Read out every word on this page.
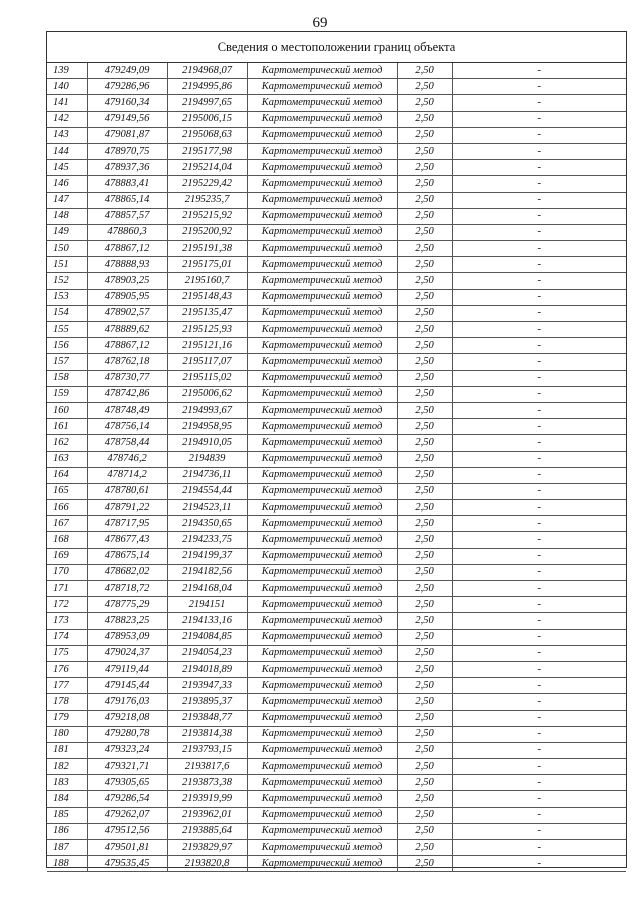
69
Сведения о местоположении границ объекта
139	479249,09	2194968,07	Картометрический метод	2,50	-
140	479286,96	2194995,86	Картометрический метод	2,50	-
141	479160,34	2194997,65	Картометрический метод	2,50	-
142	479149,56	2195006,15	Картометрический метод	2,50	-
143	479081,87	2195068,63	Картометрический метод	2,50	-
144	478970,75	2195177,98	Картометрический метод	2,50	-
145	478937,36	2195214,04	Картометрический метод	2,50	-
146	478883,41	2195229,42	Картометрический метод	2,50	-
147	478865,14	2195235,7	Картометрический метод	2,50	-
148	478857,57	2195215,92	Картометрический метод	2,50	-
149	478860,3	2195200,92	Картометрический метод	2,50	-
150	478867,12	2195191,38	Картометрический метод	2,50	-
151	478888,93	2195175,01	Картометрический метод	2,50	-
152	478903,25	2195160,7	Картометрический метод	2,50	-
153	478905,95	2195148,43	Картометрический метод	2,50	-
154	478902,57	2195135,47	Картометрический метод	2,50	-
155	478889,62	2195125,93	Картометрический метод	2,50	-
156	478867,12	2195121,16	Картометрический метод	2,50	-
157	478762,18	2195117,07	Картометрический метод	2,50	-
158	478730,77	2195115,02	Картометрический метод	2,50	-
159	478742,86	2195006,62	Картометрический метод	2,50	-
160	478748,49	2194993,67	Картометрический метод	2,50	-
161	478756,14	2194958,95	Картометрический метод	2,50	-
162	478758,44	2194910,05	Картометрический метод	2,50	-
163	478746,2	2194839	Картометрический метод	2,50	-
164	478714,2	2194736,11	Картометрический метод	2,50	-
165	478780,61	2194554,44	Картометрический метод	2,50	-
166	478791,22	2194523,11	Картометрический метод	2,50	-
167	478717,95	2194350,65	Картометрический метод	2,50	-
168	478677,43	2194233,75	Картометрический метод	2,50	-
169	478675,14	2194199,37	Картометрический метод	2,50	-
170	478682,02	2194182,56	Картометрический метод	2,50	-
171	478718,72	2194168,04	Картометрический метод	2,50	-
172	478775,29	2194151	Картометрический метод	2,50	-
173	478823,25	2194133,16	Картометрический метод	2,50	-
174	478953,09	2194084,85	Картометрический метод	2,50	-
175	479024,37	2194054,23	Картометрический метод	2,50	-
176	479119,44	2194018,89	Картометрический метод	2,50	-
177	479145,44	2193947,33	Картометрический метод	2,50	-
178	479176,03	2193895,37	Картометрический метод	2,50	-
179	479218,08	2193848,77	Картометрический метод	2,50	-
180	479280,78	2193814,38	Картометрический метод	2,50	-
181	479323,24	2193793,15	Картометрический метод	2,50	-
182	479321,71	2193817,6	Картометрический метод	2,50	-
183	479305,65	2193873,38	Картометрический метод	2,50	-
184	479286,54	2193919,99	Картометрический метод	2,50	-
185	479262,07	2193962,01	Картометрический метод	2,50	-
186	479512,56	2193885,64	Картометрический метод	2,50	-
187	479501,81	2193829,97	Картометрический метод	2,50	-
188	479535,45	2193820,8	Картометрический метод	2,50	-
